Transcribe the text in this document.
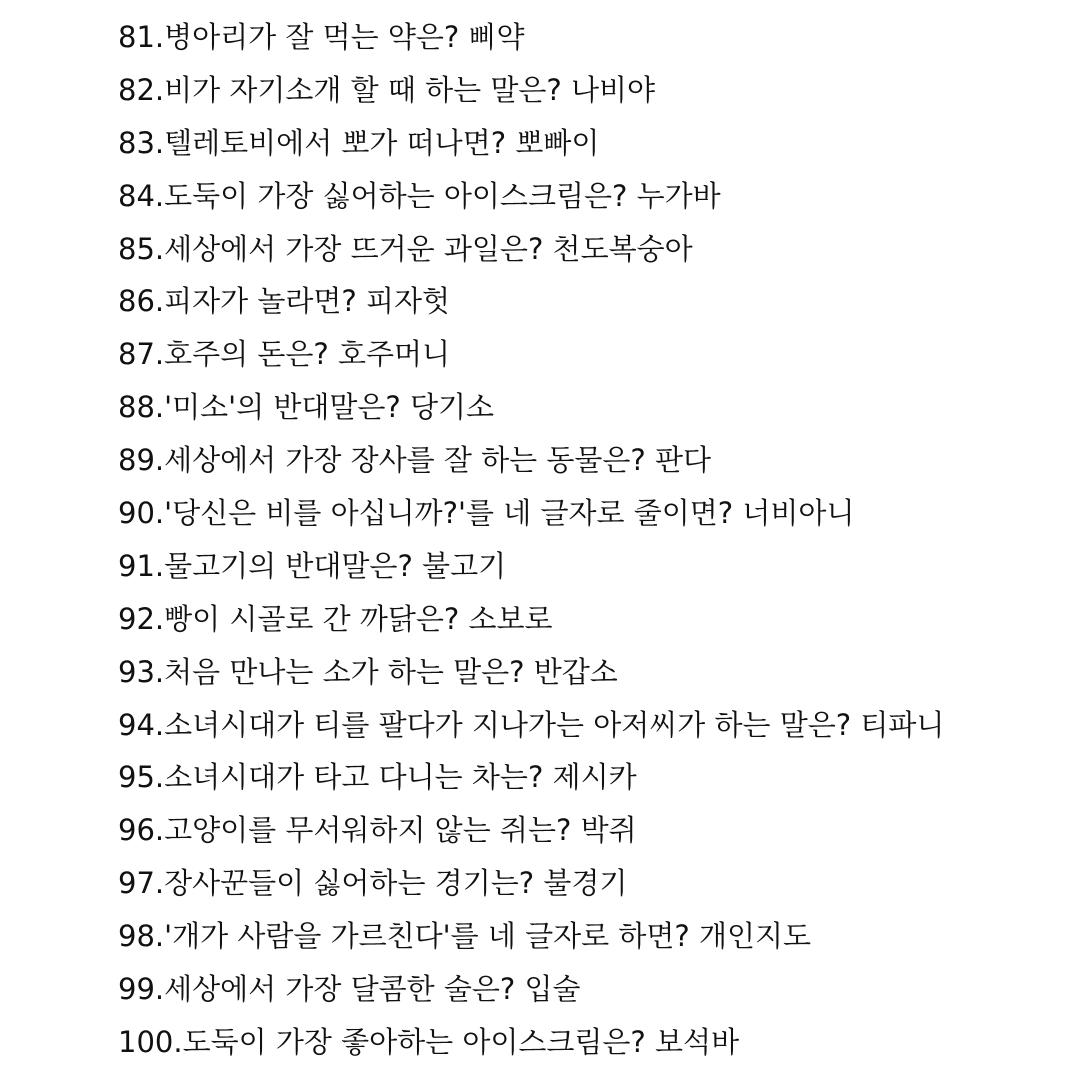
81.병아리가 잘 먹는 약은? 삐약
82.비가 자기소개 할 때 하는 말은? 나비야
83.텔레토비에서 뽀가 떠나면? 뽀빠이
84.도둑이 가장 싫어하는 아이스크림은? 누가바
85.세상에서 가장 뜨거운 과일은? 천도복숭아
86.피자가 놀라면? 피자헛
87.호주의 돈은? 호주머니
88.'미소'의 반대말은? 당기소
89.세상에서 가장 장사를 잘 하는 동물은? 판다
90.'당신은 비를 아십니까?'를 네 글자로 줄이면? 너비아니
91.물고기의 반대말은? 불고기
92.빵이 시골로 간 까닭은? 소보로
93.처음 만나는 소가 하는 말은? 반갑소
94.소녀시대가 티를 팔다가 지나가는 아저씨가 하는 말은? 티파니
95.소녀시대가 타고 다니는 차는? 제시카
96.고양이를 무서워하지 않는 쥐는? 박쥐
97.장사꾼들이 싫어하는 경기는? 불경기
98.'개가 사람을 가르친다'를 네 글자로 하면? 개인지도
99.세상에서 가장 달콤한 술은? 입술
100.도둑이 가장 좋아하는 아이스크림은? 보석바
